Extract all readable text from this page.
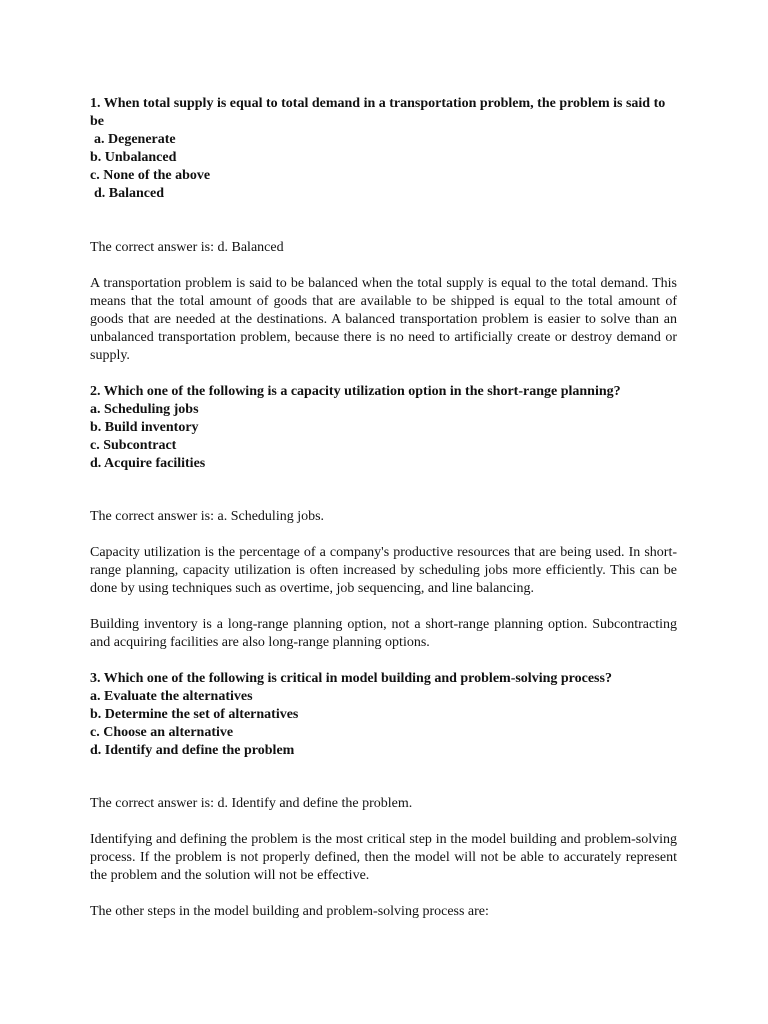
1. When total supply is equal to total demand in a transportation problem, the problem is said to be

a. Degenerate

b. Unbalanced

c. None of the above

d. Balanced

The correct answer is: d. Balanced

A transportation problem is said to be balanced when the total supply is equal to the total demand. This means that the total amount of goods that are available to be shipped is equal to the total amount of goods that are needed at the destinations. A balanced transportation problem is easier to solve than an unbalanced transportation problem, because there is no need to artificially create or destroy demand or supply.

2. Which one of the following is a capacity utilization option in the short-range planning?

a. Scheduling jobs

b. Build inventory

c. Subcontract

d. Acquire facilities

The correct answer is: a. Scheduling jobs.

Capacity utilization is the percentage of a company's productive resources that are being used. In short-range planning, capacity utilization is often increased by scheduling jobs more efficiently. This can be done by using techniques such as overtime, job sequencing, and line balancing.

Building inventory is a long-range planning option, not a short-range planning option. Subcontracting and acquiring facilities are also long-range planning options.

3. Which one of the following is critical in model building and problem-solving process?

a. Evaluate the alternatives

b. Determine the set of alternatives

c. Choose an alternative

d. Identify and define the problem

The correct answer is: d. Identify and define the problem.

Identifying and defining the problem is the most critical step in the model building and problem-solving process. If the problem is not properly defined, then the model will not be able to accurately represent the problem and the solution will not be effective.

The other steps in the model building and problem-solving process are:
